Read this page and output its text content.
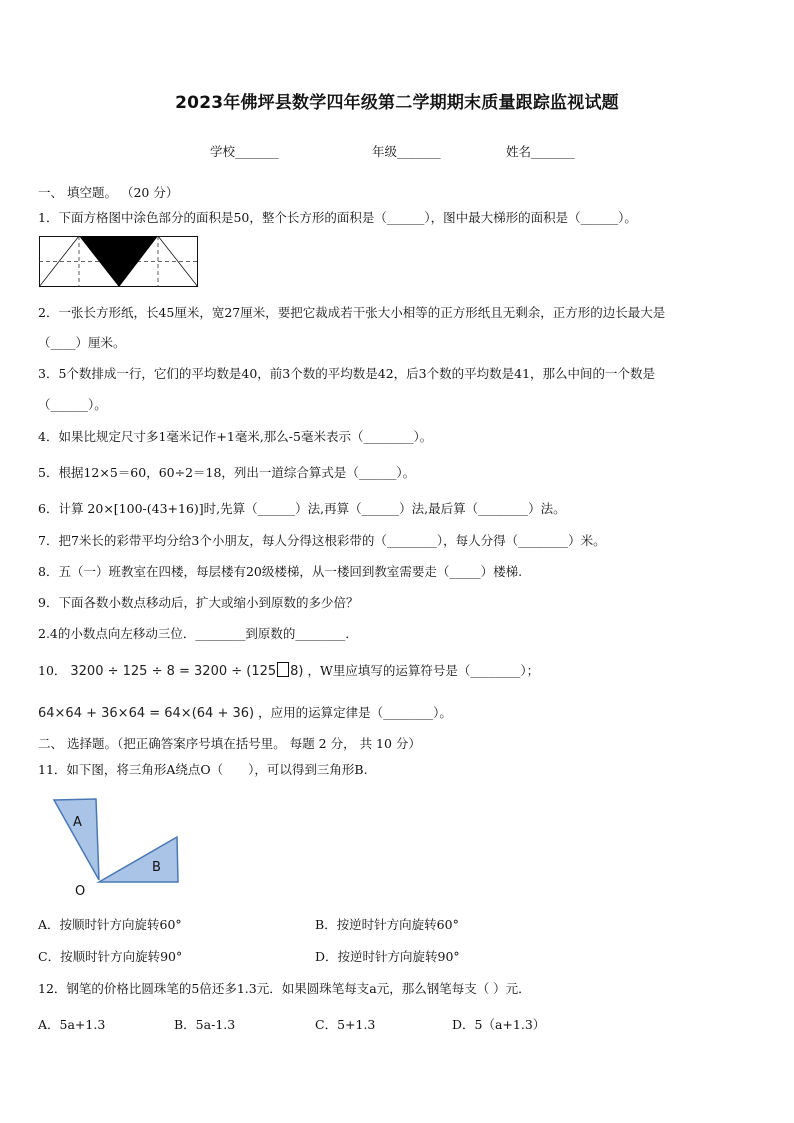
2023年佛坪县数学四年级第二学期期末质量跟踪监视试题
学校_______	年级_______	姓名_______
一、 填空题。 （20 分）
1．下面方格图中涂色部分的面积是50，整个长方形的面积是（______），图中最大梯形的面积是（______）。
2．一张长方形纸，长45厘米，宽27厘米，要把它裁成若干张大小相等的正方形纸且无剩余，正方形的边长最大是
（____）厘米。
3．5个数排成一行，它们的平均数是40，前3个数的平均数是42，后3个数的平均数是41，那么中间的一个数是
（______）。
4．如果比规定尺寸多1毫米记作+1毫米,那么-5毫米表示（________）。
5．根据12×5＝60，60÷2＝18，列出一道综合算式是（______）。
6．计算 20×[100-(43+16)]时,先算（______）法,再算（______）法,最后算（________）法。
7．把7米长的彩带平均分给3个小朋友，每人分得这根彩带的（________），每人分得（________）米。
8．五（一）班教室在四楼，每层楼有20级楼梯，从一楼回到教室需要走（_____）楼梯.
9．下面各数小数点移动后，扩大或缩小到原数的多少倍？
2.4的小数点向左移动三位．________到原数的________．
10． 3200 ÷ 125 ÷ 8 = 3200 ÷ (125 8) ，W里应填写的运算符号是（________）；
64×64 + 36×64 = 64×(64 + 36) ，应用的运算定律是（________）。
二、 选择题。（把正确答案序号填在括号里。 每题 2 分， 共 10 分）
11．如下图，将三角形A绕点O（　　），可以得到三角形B.
A
B
O
A．按顺时针方向旋转60°	B．按逆时针方向旋转60°
C．按顺时针方向旋转90°	D．按逆时针方向旋转90°
12．钢笔的价格比圆珠笔的5倍还多1.3元．如果圆珠笔每支a元，那么钢笔每支（ ）元．
A．5a+1.3	B．5a-1.3	C．5+1.3	D．5（a+1.3）
